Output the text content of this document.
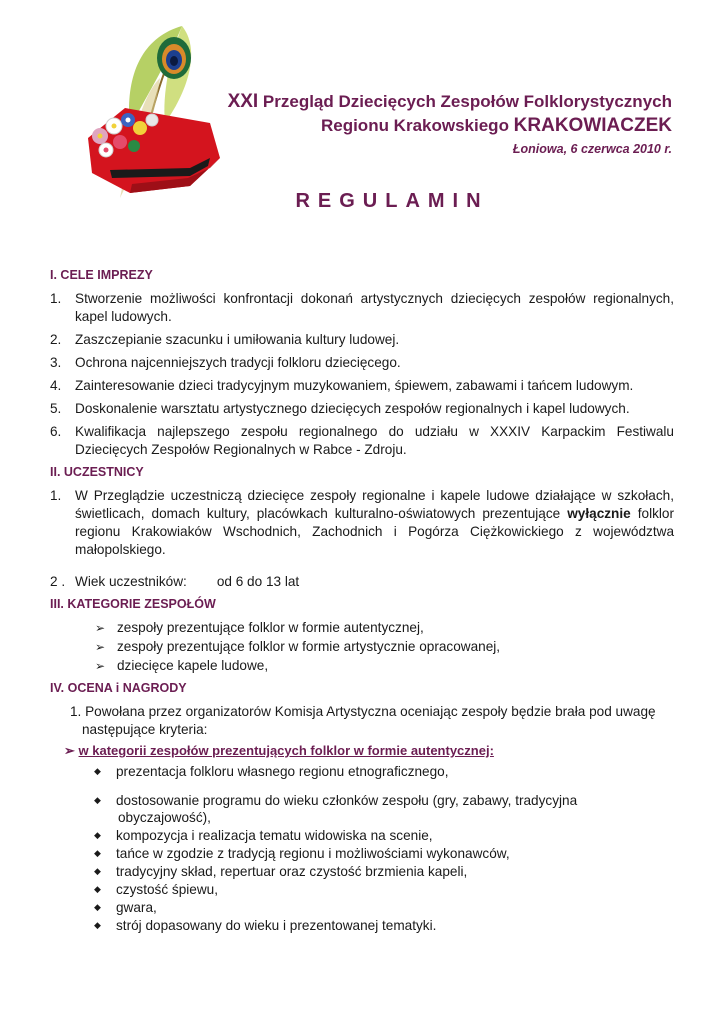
XXI Przegląd Dziecięcych Zespołów Folklorystycznych
Regionu Krakowskiego KRAKOWIACZEK
Łoniowa, 6 czerwca 2010 r.
REGULAMIN
I. CELE IMPREZY
1. Stworzenie możliwości konfrontacji dokonań artystycznych dziecięcych zespołów regionalnych, kapel ludowych.
2. Zaszczepianie szacunku i umiłowania kultury ludowej.
3. Ochrona najcenniejszych tradycji folkloru dziecięcego.
4. Zainteresowanie dzieci tradycyjnym muzykowaniem, śpiewem, zabawami i tańcem ludowym.
5. Doskonalenie warsztatu artystycznego dziecięcych zespołów regionalnych i kapel ludowych.
6. Kwalifikacja najlepszego zespołu regionalnego do udziału w XXXIV Karpackim Festiwalu Dziecięcych Zespołów Regionalnych w Rabce - Zdroju.
II. UCZESTNICY
1. W Przeglądzie uczestniczą dziecięce zespoły regionalne i kapele ludowe działające w szkołach, świetlicach, domach kultury, placówkach kulturalno-oświatowych prezentujące wyłącznie folklor regionu Krakowiaków Wschodnich, Zachodnich i Pogórza Ciężkowickiego z województwa małopolskiego.
2 . Wiek uczestników: od 6 do 13 lat
III. KATEGORIE ZESPOŁÓW
➢ zespoły prezentujące folklor w formie autentycznej,
➢ zespoły prezentujące folklor w formie artystycznie opracowanej,
➢ dziecięce kapele ludowe,
IV. OCENA i NAGRODY
1. Powołana przez organizatorów Komisja Artystyczna oceniając zespoły będzie brała pod uwagę
następujące kryteria:
➢ w kategorii zespołów prezentujących folklor w formie autentycznej:
◆ prezentacja folkloru własnego regionu etnograficznego,
◆ dostosowanie programu do wieku członków zespołu (gry, zabawy, tradycyjna
obyczajowość),
◆ kompozycja i realizacja tematu widowiska na scenie,
◆ tańce w zgodzie z tradycją regionu i możliwościami wykonawców,
◆ tradycyjny skład, repertuar oraz czystość brzmienia kapeli,
◆ czystość śpiewu,
◆ gwara,
◆ strój dopasowany do wieku i prezentowanej tematyki.
